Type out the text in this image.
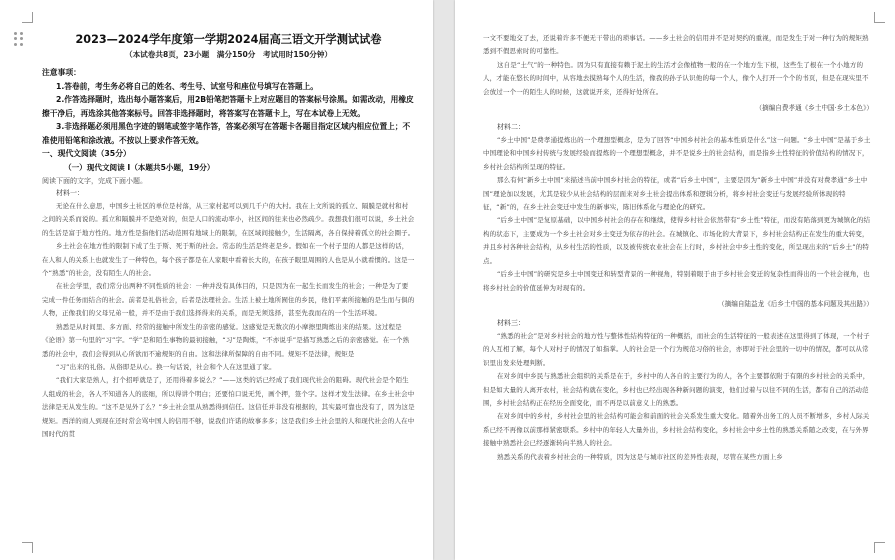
2023—2024学年度第一学期2024届高三语文开学测试试卷
（本试卷共8页，23小题　满分150分　考试用时150分钟）
注意事项：

1.答卷前，考生务必将自己的姓名、考生号、试室号和座位号填写在答题上。

2.作答选择题时，选出每小题答案后，用2B铅笔把答题卡上对应题目的答案标号涂黑。如需改动，用橡皮擦干净后，再选涂其他答案标号。回答非选择题时，将答案写在答题卡上，写在本试卷上无效。

3.非选择题必须用黑色字迹的钢笔或签字笔作答，答案必须写在答题卡各题目指定区域内相应位置上；不准使用铅笔和涂改液。不按以上要求作答无效。

一、现代文阅读（35分）
（一）现代文阅读 I（本题共5小题，19分）
阅读下面的文字，完成下面小题。
材料一：

无论在什么意思，中国乡土社区的单位是村落，从三家村起可以到几千户的大村。我在上文所说的孤立、隔膜是就村和村之间的关系而说的。孤立和隔膜并不是绝对的，但是人口的流动率小，社区间的往来也必然疏少。我想我们很可以说，乡土社会的生活是富于地方性的。地方性是指他们活动范围有地域上的限制，在区域间接触少，生活隔离，各自保持着孤立的社会圈子。

乡土社会在地方性的限制下成了生于斯、死于斯的社会。常态的生活是终老是乡。假如在一个村子里的人都是这样的话，在人和人的关系上也就发生了一种特色，每个孩子都是在人家眼中看着长大的，在孩子眼里周围的人也是从小就看惯的。这是一个“熟悉”的社会，没有陌生人的社会。

在社会学里，我们常分出两种不同性质的社会：一种并没有具体目的，只是因为在一起生长而发生的社会；一种是为了要完成一件任务而结合的社会。前者是礼俗社会，后者是法理社会。生活上被土地所囿住的乡民，他们平素所接触的是生而与俱的人物，正像我们的父母兄弟一般，并不是由于我们选择得来的关系，而是无须选择，甚至先我而在的一个生活环境。

熟悉是从时间里、多方面、经常的接触中所发生的亲密的感觉。这感觉是无数次的小摩擦里陶炼出来的结果。这过程是《论语》第一句里的“习”字。“学”是和陌生事物的最初接触，“习”是陶炼，“不亦说乎”是描写熟悉之后的亲密感觉。在一个熟悉的社会中，我们会得到从心所欲而不逾规矩的自由。这和法律所保障的自由不同。规矩不是法律，规矩是

“习”出来的礼俗。从俗即是从心。换一句话说，社会和个人在这里通了家。

“我们大家是熟人，打个招呼就是了，还用得着多说么？”——这类的话已经成了我们现代社会的阻碍。现代社会是个陌生人组成的社会，各人不知道各人的底细，所以得讲个明白；还要怕口说无凭，画个押，签个字。这样才发生法律。在乡土社会中法律是无从发生的。“这不是见外了么？”乡土社会里从熟悉得到信任。这信任并非没有根据的，其实最可靠也没有了，因为这是规矩。西洋的商人到现在还时常会骂中国人的信用不够，说我们许诺的故事多多；这是我们乡土社会里的人和现代社会的人在中国时代的贯

一文不要地交了去，还说着许多不便无干带出的琐事话。——乡土社会的信用并不是对契约的重视，而是发生于对一种行为的规矩熟悉到不假思索时的可靠性。

这自是“土气”的一种特色。因为只有直接有赖于泥土的生活才会像植物一般的在一个地方生下根，这些生了根在一个小地方的人，才能在悠长的时间中，从容地去摸熟每个人的生活，像我的孙子认识他的每一个人，像个人打开一个个的书页，但是在现实里不会放过一个一的陌生人的时候，这就说开来，还得好处所在。

（摘编自费孝通《乡土中国·乡土本色》）
材料二：

“乡土中国”是费孝通提炼出的一个理想型概念，是为了回答“中国乡村社会的基本性质是什么”这一问题。“乡土中国”是基于乡土中国理论和中国乡村传统与发展经验而提炼的一个理想型概念，并不是说乡土的社会结构，而是指乡土性特征的价值结构的情况下，乡村社会结构所呈现的特征。

那么有何“新乡土中国”来描述当前中国乡村社会的特征，或者“后乡土中国”，主要是因为“新乡土中国”并没有对费孝通“乡土中国”理论加以发展，尤其是较少从社会结构的层面来对乡土社会提出体系和逻辑分析，将乡村社会变迁与发展经验所体现的特征，“新”的，在乡土社会变迁中发生的新事实，陈旧体系化与理论化的研究。

“后乡土中国”是复原基础，以中国乡村社会的存在和继续，使得乡村社会依然带有“乡土性”特征，而没有陷落到更为城镇化的结构的状态下，主要成为一个乡土社会对乡土变迁为依存的社会。在城镇化、市场化的大背景下，乡村社会结构正在发生的重大转变，并且乡村各种社会结构，从乡村生活的性质，以及被传统农业社会在上行时，乡村社会中乡土性的变化，所呈现出来的“后乡土”的特点。

“后乡土中国”的研究是乡土中国变迁和转型背景的一种视角，特别着眼于由于乡村社会变迁的复杂性而得出的一个社会视角，也将乡村社会的价值延伸为对现有的。

（摘编自陆益龙《后乡土中国的基本问题及其出路》）
材料三：

“熟悉的社会”是对乡村社会的地方性与整体性结构特征的一种概括，而社会的生活特征的一般表述在这里得到了体现，一个村子的人互相了解，每个人对村子的情况了如指掌。人的社会是一个行为规范习俗的社会，亦即对于社会里的一切中的情况，都可以从常识里出发来处理判断。

在对乡间中乡民与熟悉社会组织的关系是在于，乡村中的人各自的主要行为的人，各个主要都依附于有限的乡村社会的关系中，但是如大量的人离开农村，社会结构就在变化，乡村也已经出现各种新问题的演变，他们过着与以往不同的生活，都有自己的活动范围，乡村社会结构正在经历全面变化，而不再是以前意义上的熟悉。

在对乡间中的乡村，乡村社会里的社会结构可能会和前面的社会关系发生重大变化。随着外出务工的人员不断增多，乡村人际关系已经不再像以前那样紧密联系。乡村中的年轻人大量外出，乡村社会结构变化，乡村社会中乡土性的熟悉关系随之改变，在与外界接触中熟悉社会已经逐渐转向半熟人的社会。

熟悉关系的代表着乡村社会的一种特质，因为这是与城市社区的差异性表现，尽管在某些方面上乡
